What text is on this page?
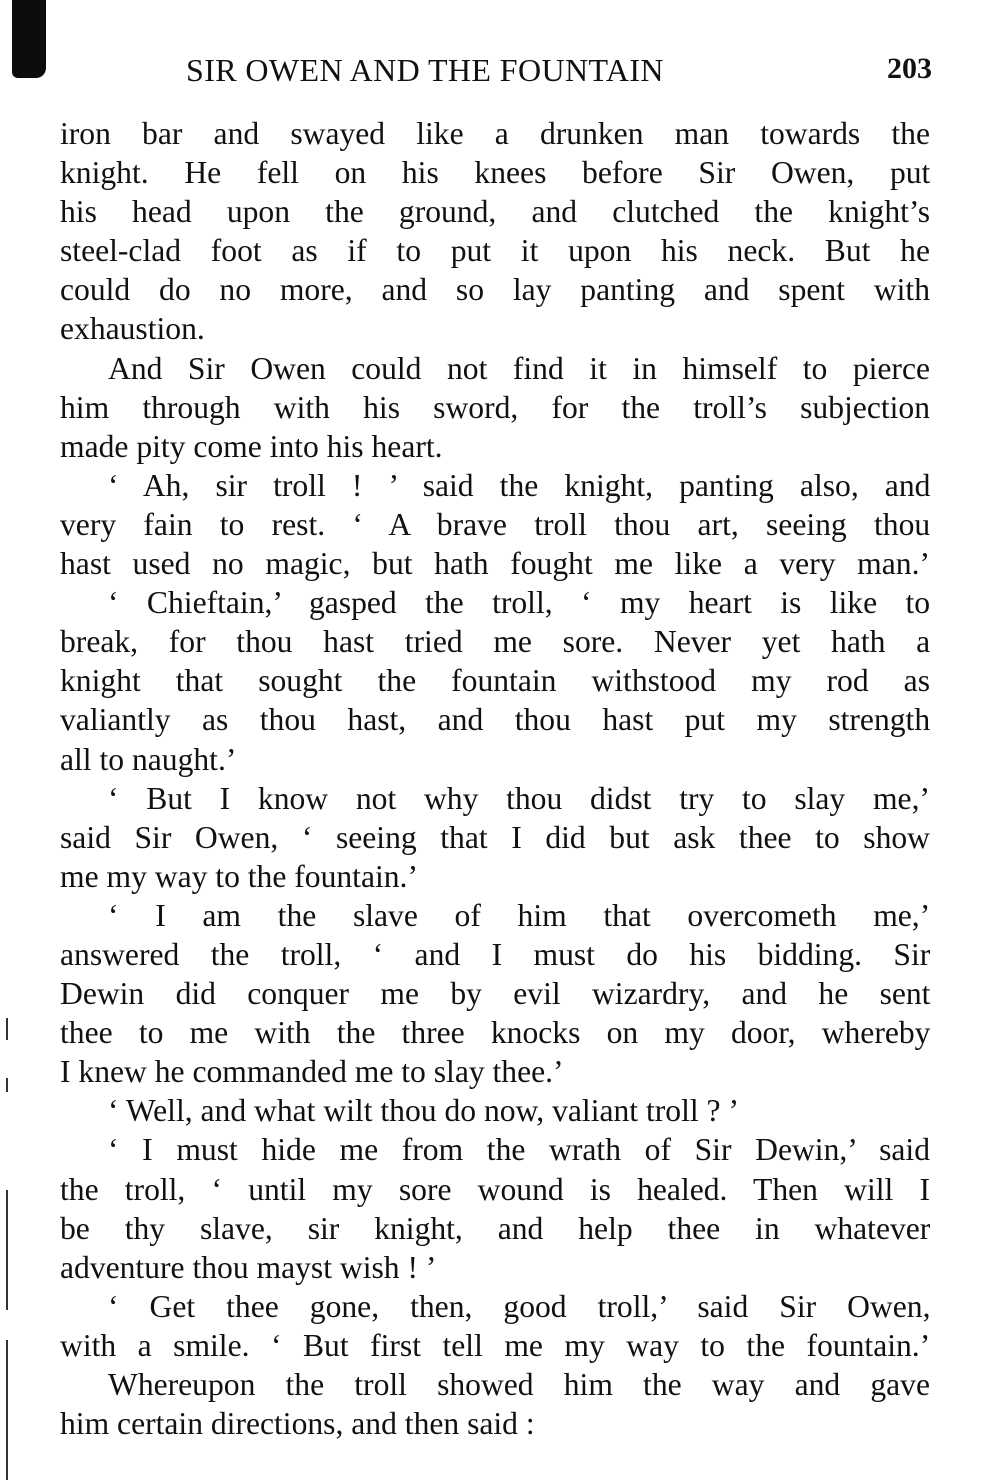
SIR OWEN AND THE FOUNTAIN	203
iron bar and swayed like a drunken man towards the
knight. He fell on his knees before Sir Owen, put
his head upon the ground, and clutched the knight’s
steel-clad foot as if to put it upon his neck. But he
could do no more, and so lay panting and spent with
exhaustion.
And Sir Owen could not find it in himself to pierce
him through with his sword, for the troll’s subjection
made pity come into his heart.
‘ Ah, sir troll ! ’ said the knight, panting also, and
very fain to rest. ‘ A brave troll thou art, seeing thou
hast used no magic, but hath fought me like a very man.’
‘ Chieftain,’ gasped the troll, ‘ my heart is like to
break, for thou hast tried me sore. Never yet hath a
knight that sought the fountain withstood my rod as
valiantly as thou hast, and thou hast put my strength
all to naught.’
‘ But I know not why thou didst try to slay me,’
said Sir Owen, ‘ seeing that I did but ask thee to show
me my way to the fountain.’
‘ I am the slave of him that overcometh me,’
answered the troll, ‘ and I must do his bidding. Sir
Dewin did conquer me by evil wizardry, and he sent
thee to me with the three knocks on my door, whereby
I knew he commanded me to slay thee.’
‘ Well, and what wilt thou do now, valiant troll ? ’
‘ I must hide me from the wrath of Sir Dewin,’ said
the troll, ‘ until my sore wound is healed. Then will I
be thy slave, sir knight, and help thee in whatever
adventure thou mayst wish ! ’
‘ Get thee gone, then, good troll,’ said Sir Owen,
with a smile. ‘ But first tell me my way to the fountain.’
Whereupon the troll showed him the way and gave
him certain directions, and then said :
